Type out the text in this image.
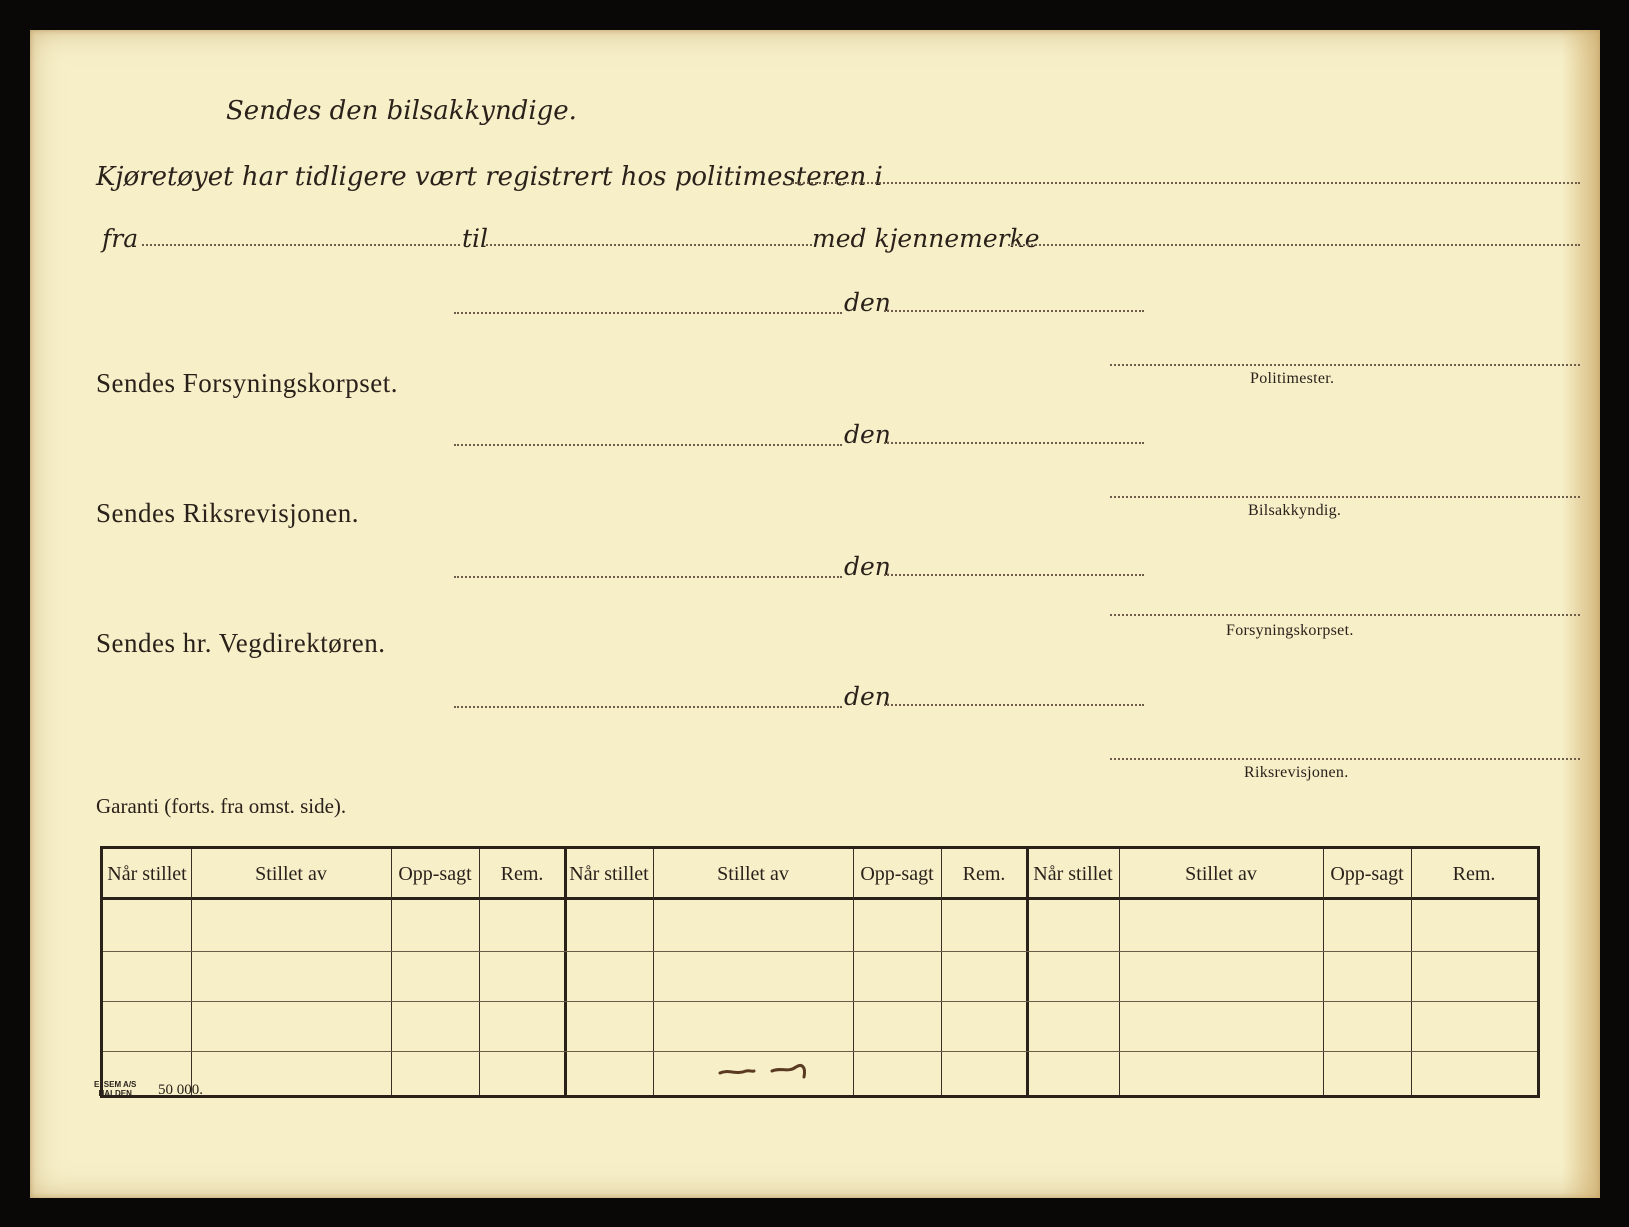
Sendes den bilsakkyndige.
Kjøretøyet har tidligere vært registrert hos politimesteren i
fra	til	med kjennemerke
den
Sendes Forsyningskorpset.	Politimester.
den
Sendes Riksrevisjonen.	Bilsakkyndig.
den
Sendes hr. Vegdirektøren.	Forsyningskorpset.
den
Riksrevisjonen.
Garanti (forts. fra omst. side).
Når stillet	Stillet av	Opp-sagt	Rem.	Når stillet	Stillet av	Opp-sagt	Rem.	Når stillet	Stillet av	Opp-sagt	Rem.
E. SEM A/S
HALDEN	50 000.
